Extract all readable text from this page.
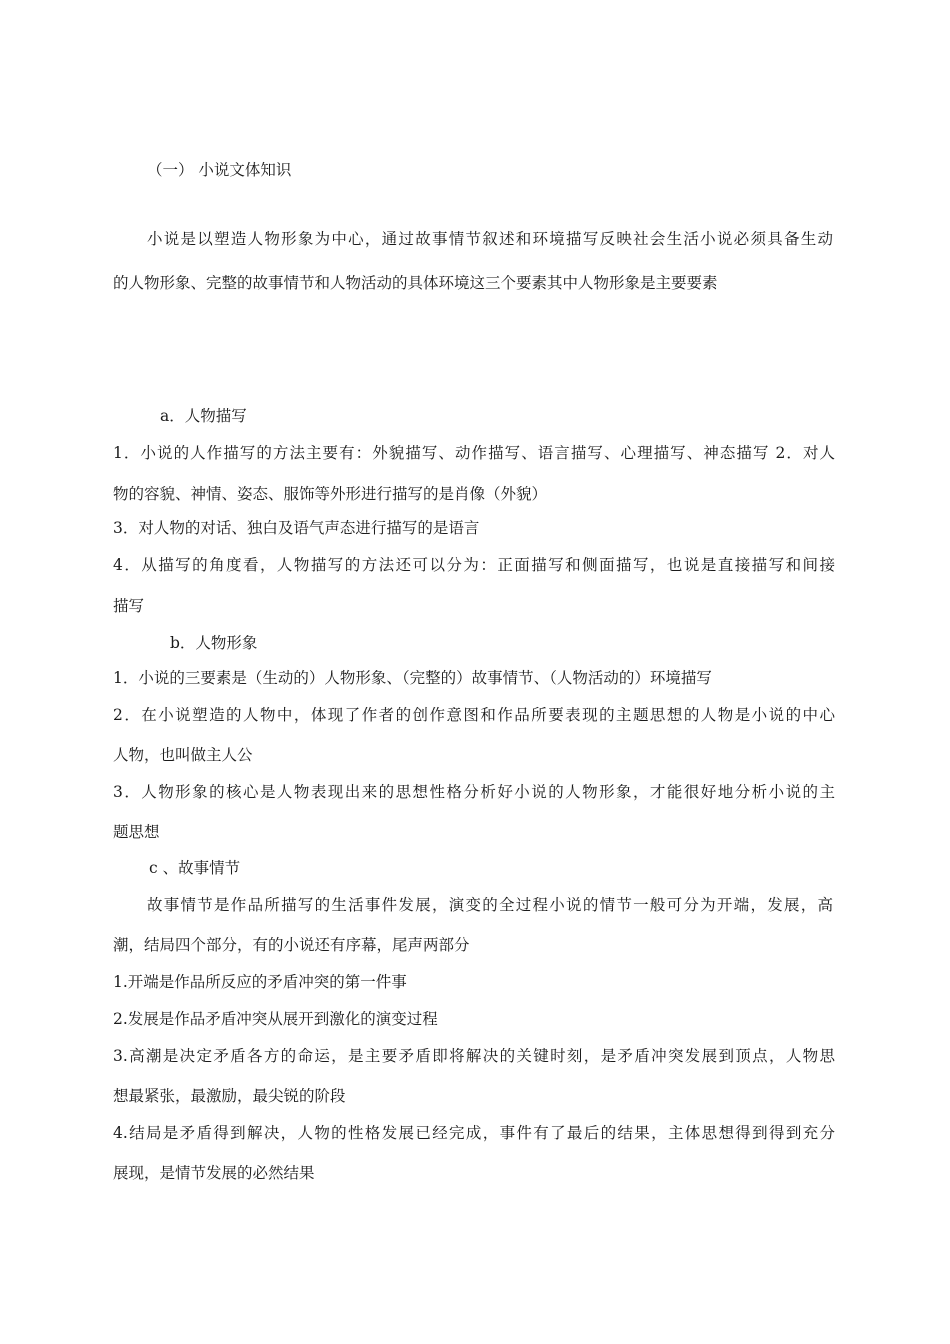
（一） 小说文体知识

小说是以塑造人物形象为中心，通过故事情节叙述和环境描写反映社会生活小说必须具备生动

的人物形象、完整的故事情节和人物活动的具体环境这三个要素其中人物形象是主要要素

a．人物描写

1．小说的人作描写的方法主要有：外貌描写、动作描写、语言描写、心理描写、神态描写 2．对人

物的容貌、神情、姿态、服饰等外形进行描写的是肖像（外貌）

3．对人物的对话、独白及语气声态进行描写的是语言

4．从描写的角度看，人物描写的方法还可以分为：正面描写和侧面描写，也说是直接描写和间接

描写

b．人物形象

1．小说的三要素是（生动的）人物形象、（完整的）故事情节、（人物活动的）环境描写

2．在小说塑造的人物中，体现了作者的创作意图和作品所要表现的主题思想的人物是小说的中心

人物，也叫做主人公

3．人物形象的核心是人物表现出来的思想性格分析好小说的人物形象，才能很好地分析小说的主

题思想

c 、故事情节

故事情节是作品所描写的生活事件发展，演变的全过程小说的情节一般可分为开端，发展，高

潮，结局四个部分，有的小说还有序幕，尾声两部分

1.开端是作品所反应的矛盾冲突的第一件事

2.发展是作品矛盾冲突从展开到激化的演变过程

3.高潮是决定矛盾各方的命运，是主要矛盾即将解决的关键时刻，是矛盾冲突发展到顶点，人物思

想最紧张，最激励，最尖锐的阶段

4.结局是矛盾得到解决，人物的性格发展已经完成，事件有了最后的结果，主体思想得到得到充分

展现，是情节发展的必然结果
